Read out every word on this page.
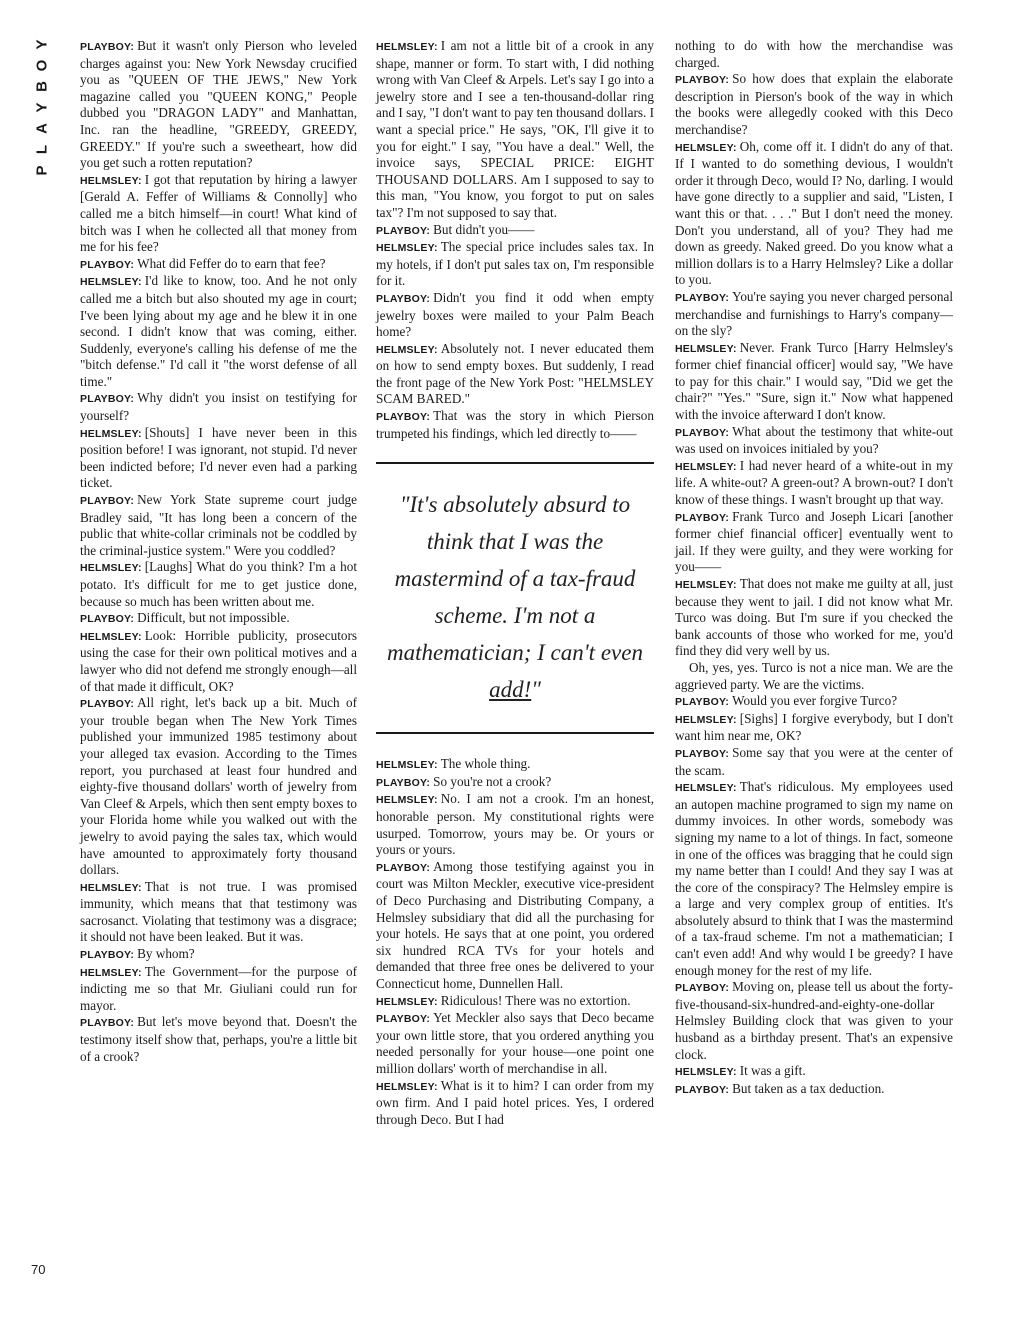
Y
O
B
Y
A
L
P
70

PLAYBOY: But it wasn't only Pierson who leveled charges against you: New York Newsday crucified you as "QUEEN OF THE JEWS," New York magazine called you "QUEEN KONG," People dubbed you "DRAGON LADY" and Manhattan, Inc. ran the headline, "GREEDY, GREEDY, GREEDY." If you're such a sweetheart, how did you get such a rotten reputation?

HELMSLEY: I got that reputation by hiring a lawyer [Gerald A. Feffer of Williams & Connolly] who called me a bitch himself—in court! What kind of bitch was I when he collected all that money from me for his fee?

PLAYBOY: What did Feffer do to earn that fee?

HELMSLEY: I'd like to know, too. And he not only called me a bitch but also shouted my age in court; I've been lying about my age and he blew it in one second. I didn't know that was coming, either. Suddenly, everyone's calling his defense of me the "bitch defense." I'd call it "the worst defense of all time."

PLAYBOY: Why didn't you insist on testifying for yourself?

HELMSLEY: [Shouts] I have never been in this position before! I was ignorant, not stupid. I'd never been indicted before; I'd never even had a parking ticket.

PLAYBOY: New York State supreme court judge Bradley said, "It has long been a concern of the public that white-collar criminals not be coddled by the criminal-justice system." Were you coddled?

HELMSLEY: [Laughs] What do you think? I'm a hot potato. It's difficult for me to get justice done, because so much has been written about me.

PLAYBOY: Difficult, but not impossible.

HELMSLEY: Look: Horrible publicity, prosecutors using the case for their own political motives and a lawyer who did not defend me strongly enough—all of that made it difficult, OK?

PLAYBOY: All right, let's back up a bit. Much of your trouble began when The New York Times published your immunized 1985 testimony about your alleged tax evasion. According to the Times report, you purchased at least four hundred and eighty-five thousand dollars' worth of jewelry from Van Cleef & Arpels, which then sent empty boxes to your Florida home while you walked out with the jewelry to avoid paying the sales tax, which would have amounted to approximately forty thousand dollars.

HELMSLEY: That is not true. I was promised immunity, which means that that testimony was sacrosanct. Violating that testimony was a disgrace; it should not have been leaked. But it was.

PLAYBOY: By whom?

HELMSLEY: The Government—for the purpose of indicting me so that Mr. Giuliani could run for mayor.

PLAYBOY: But let's move beyond that. Doesn't the testimony itself show that, perhaps, you're a little bit of a crook?

HELMSLEY: I am not a little bit of a crook in any shape, manner or form. To start with, I did nothing wrong with Van Cleef & Arpels. Let's say I go into a jewelry store and I see a ten-thousand-dollar ring and I say, "I don't want to pay ten thousand dollars. I want a special price." He says, "OK, I'll give it to you for eight." I say, "You have a deal." Well, the invoice says, SPECIAL PRICE: EIGHT THOUSAND DOLLARS. Am I supposed to say to this man, "You know, you forgot to put on sales tax"? I'm not supposed to say that.

PLAYBOY: But didn't you——

HELMSLEY: The special price includes sales tax. In my hotels, if I don't put sales tax on, I'm responsible for it.

PLAYBOY: Didn't you find it odd when empty jewelry boxes were mailed to your Palm Beach home?

HELMSLEY: Absolutely not. I never educated them on how to send empty boxes. But suddenly, I read the front page of the New York Post: "HELMSLEY SCAM BARED."

PLAYBOY: That was the story in which Pierson trumpeted his findings, which led directly to——

"It's absolutely absurd to think that I was the mastermind of a tax-fraud scheme. I'm not a mathematician; I can't even add!"

HELMSLEY: The whole thing.

PLAYBOY: So you're not a crook?

HELMSLEY: No. I am not a crook. I'm an honest, honorable person. My constitutional rights were usurped. Tomorrow, yours may be. Or yours or yours or yours.

PLAYBOY: Among those testifying against you in court was Milton Meckler, executive vice-president of Deco Purchasing and Distributing Company, a Helmsley subsidiary that did all the purchasing for your hotels. He says that at one point, you ordered six hundred RCA TVs for your hotels and demanded that three free ones be delivered to your Connecticut home, Dunnellen Hall.

HELMSLEY: Ridiculous! There was no extortion.

PLAYBOY: Yet Meckler also says that Deco became your own little store, that you ordered anything you needed personally for your house—one point one million dollars' worth of merchandise in all.

HELMSLEY: What is it to him? I can order from my own firm. And I paid hotel prices. Yes, I ordered through Deco. But I had

nothing to do with how the merchandise was charged.

PLAYBOY: So how does that explain the elaborate description in Pierson's book of the way in which the books were allegedly cooked with this Deco merchandise?

HELMSLEY: Oh, come off it. I didn't do any of that. If I wanted to do something devious, I wouldn't order it through Deco, would I? No, darling. I would have gone directly to a supplier and said, "Listen, I want this or that. . . ." But I don't need the money. Don't you understand, all of you? They had me down as greedy. Naked greed. Do you know what a million dollars is to a Harry Helmsley? Like a dollar to you.

PLAYBOY: You're saying you never charged personal merchandise and furnishings to Harry's company—on the sly?

HELMSLEY: Never. Frank Turco [Harry Helmsley's former chief financial officer] would say, "We have to pay for this chair." I would say, "Did we get the chair?" "Yes." "Sure, sign it." Now what happened with the invoice afterward I don't know.

PLAYBOY: What about the testimony that white-out was used on invoices initialed by you?

HELMSLEY: I had never heard of a white-out in my life. A white-out? A green-out? A brown-out? I don't know of these things. I wasn't brought up that way.

PLAYBOY: Frank Turco and Joseph Licari [another former chief financial officer] eventually went to jail. If they were guilty, and they were working for you——

HELMSLEY: That does not make me guilty at all, just because they went to jail. I did not know what Mr. Turco was doing. But I'm sure if you checked the bank accounts of those who worked for me, you'd find they did very well by us.

Oh, yes, yes. Turco is not a nice man. We are the aggrieved party. We are the victims.

PLAYBOY: Would you ever forgive Turco?

HELMSLEY: [Sighs] I forgive everybody, but I don't want him near me, OK?

PLAYBOY: Some say that you were at the center of the scam.

HELMSLEY: That's ridiculous. My employees used an autopen machine programed to sign my name on dummy invoices. In other words, somebody was signing my name to a lot of things. In fact, someone in one of the offices was bragging that he could sign my name better than I could! And they say I was at the core of the conspiracy? The Helmsley empire is a large and very complex group of entities. It's absolutely absurd to think that I was the mastermind of a tax-fraud scheme. I'm not a mathematician; I can't even add! And why would I be greedy? I have enough money for the rest of my life.

PLAYBOY: Moving on, please tell us about the forty-five-thousand-six-hundred-and-eighty-one-dollar Helmsley Building clock that was given to your husband as a birthday present. That's an expensive clock.

HELMSLEY: It was a gift.

PLAYBOY: But taken as a tax deduction.
